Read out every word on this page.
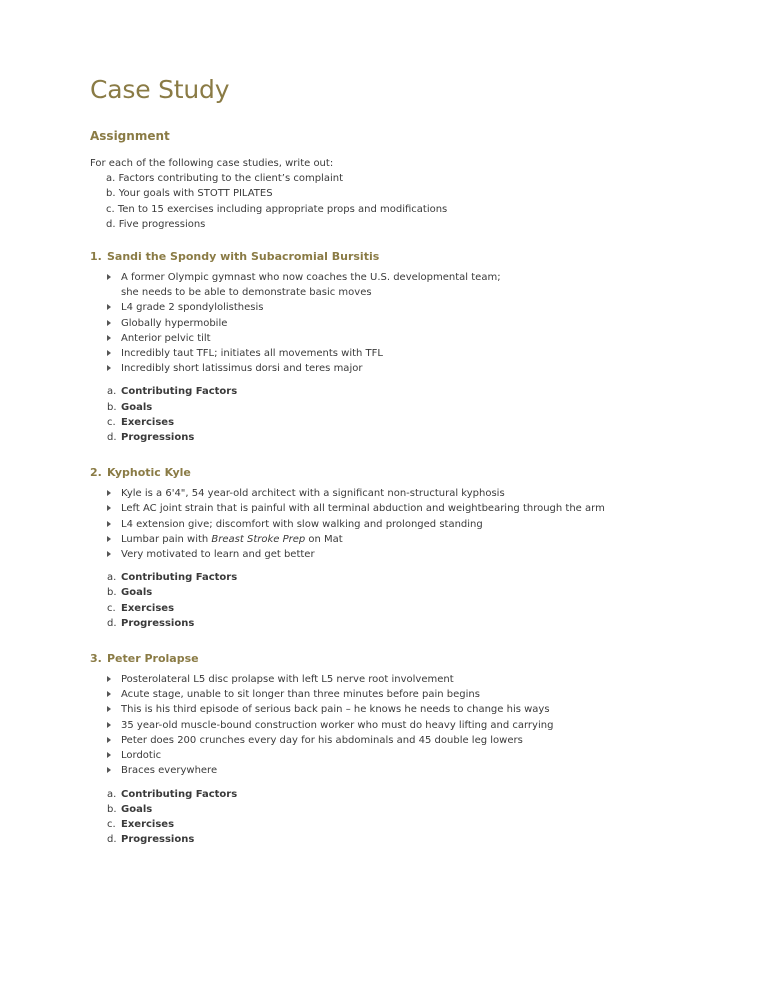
Case Study
Assignment
For each of the following case studies, write out:
a. Factors contributing to the client’s complaint
b. Your goals with STOTT PILATES
c. Ten to 15 exercises including appropriate props and modifications
d. Five progressions
1. Sandi the Spondy with Subacromial Bursitis
A former Olympic gymnast who now coaches the U.S. developmental team;
she needs to be able to demonstrate basic moves
L4 grade 2 spondylolisthesis
Globally hypermobile
Anterior pelvic tilt
Incredibly taut TFL; initiates all movements with TFL
Incredibly short latissimus dorsi and teres major
a. Contributing Factors
b. Goals
c. Exercises
d. Progressions
2. Kyphotic Kyle
Kyle is a 6'4", 54 year-old architect with a significant non-structural kyphosis
Left AC joint strain that is painful with all terminal abduction and weightbearing through the arm
L4 extension give; discomfort with slow walking and prolonged standing
Lumbar pain with Breast Stroke Prep on Mat
Very motivated to learn and get better
a. Contributing Factors
b. Goals
c. Exercises
d. Progressions
3. Peter Prolapse
Posterolateral L5 disc prolapse with left L5 nerve root involvement
Acute stage, unable to sit longer than three minutes before pain begins
This is his third episode of serious back pain – he knows he needs to change his ways
35 year-old muscle-bound construction worker who must do heavy lifting and carrying
Peter does 200 crunches every day for his abdominals and 45 double leg lowers
Lordotic
Braces everywhere
a. Contributing Factors
b. Goals
c. Exercises
d. Progressions
